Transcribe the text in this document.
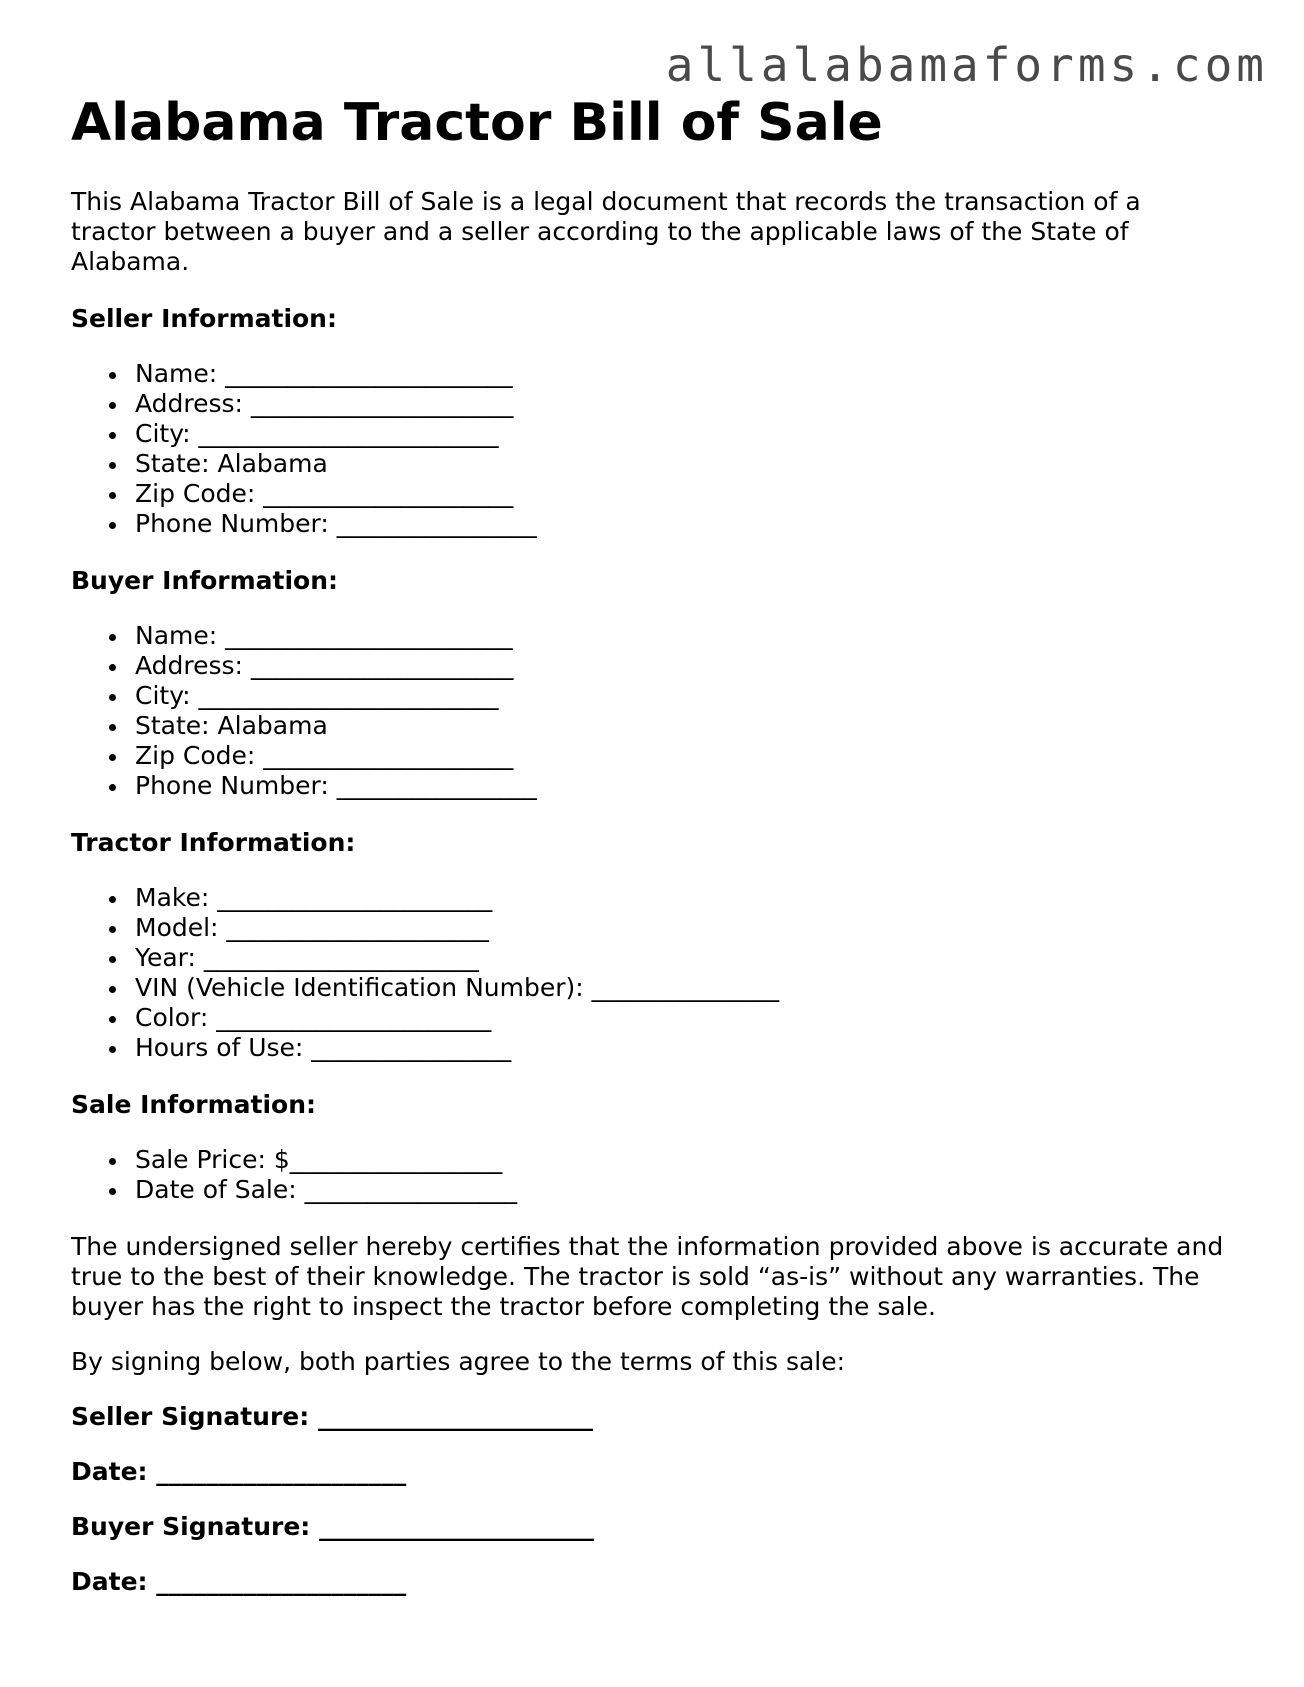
allalabamaforms.com
Alabama Tractor Bill of Sale

This Alabama Tractor Bill of Sale is a legal document that records the transaction of a tractor between a buyer and a seller according to the applicable laws of the State of Alabama.

Seller Information:
Name: _______________________
Address: _____________________
City: ________________________
State: Alabama
Zip Code: ____________________
Phone Number: ________________
Buyer Information:
Name: _______________________
Address: _____________________
City: ________________________
State: Alabama
Zip Code: ____________________
Phone Number: ________________
Tractor Information:
Make: ______________________
Model: _____________________
Year: ______________________
VIN (Vehicle Identification Number): _______________
Color: ______________________
Hours of Use: ________________
Sale Information:
Sale Price: $_________________
Date of Sale: _________________

The undersigned seller hereby certifies that the information provided above is accurate and true to the best of their knowledge. The tractor is sold “as-is” without any warranties. The buyer has the right to inspect the tractor before completing the sale.

By signing below, both parties agree to the terms of this sale:

Seller Signature: ______________________
Date: ____________________
Buyer Signature: ______________________
Date: ____________________
